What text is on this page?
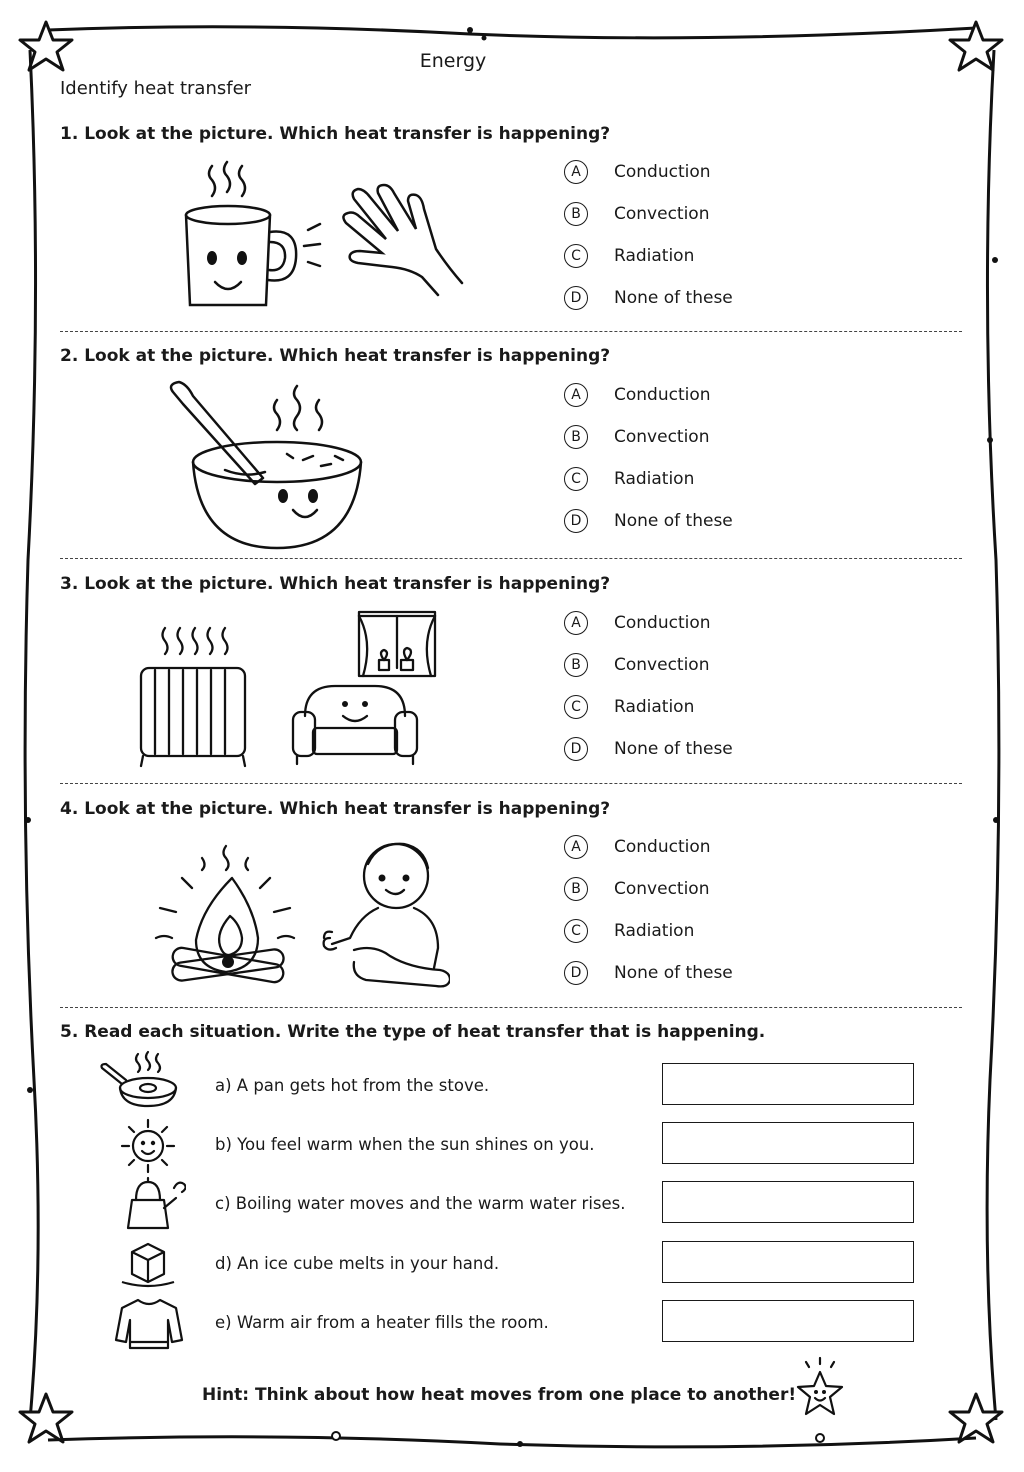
Energy
Identify heat transfer
1. Look at the picture. Which heat transfer is happening?
A	Conduction
B	Convection
C	Radiation
D	None of these
2. Look at the picture. Which heat transfer is happening?
A	Conduction
B	Convection
C	Radiation
D	None of these
3. Look at the picture. Which heat transfer is happening?
A	Conduction
B	Convection
C	Radiation
D	None of these
4. Look at the picture. Which heat transfer is happening?
A	Conduction
B	Convection
C	Radiation
D	None of these
5. Read each situation. Write the type of heat transfer that is happening.
a) A pan gets hot from the stove.
b) You feel warm when the sun shines on you.
c) Boiling water moves and the warm water rises.
d) An ice cube melts in your hand.
e) Warm air from a heater fills the room.
Hint: Think about how heat moves from one place to another!
